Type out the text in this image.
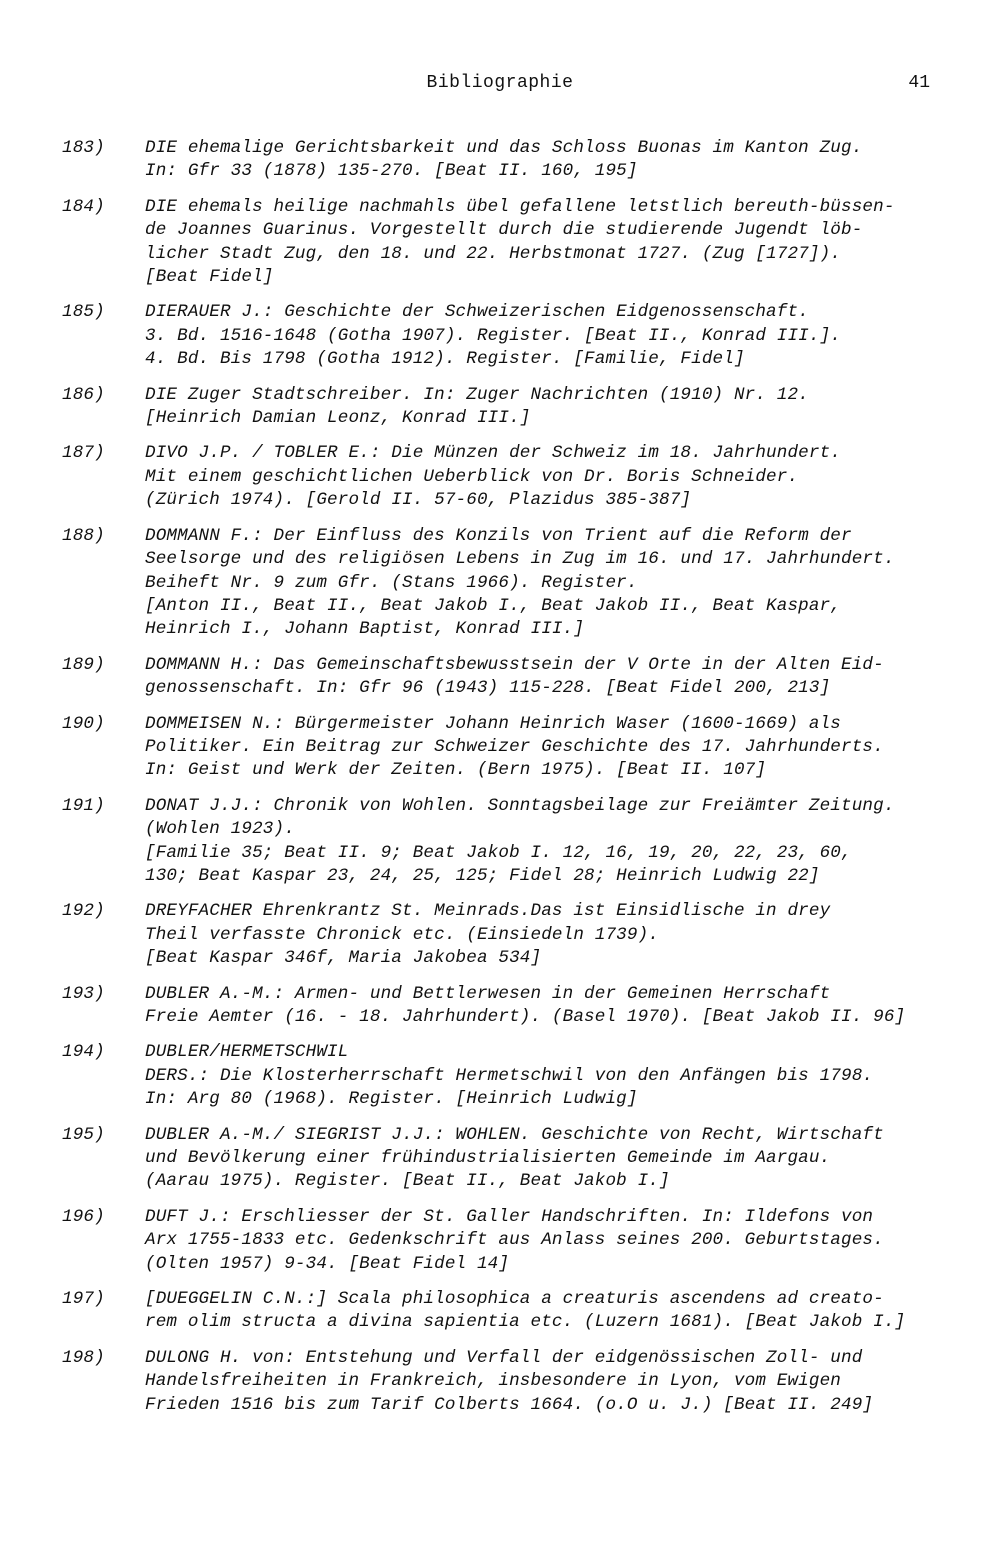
Bibliographie	41
183)	DIE ehemalige Gerichtsbarkeit und das Schloss Buonas im Kanton Zug.
In: Gfr 33 (1878) 135-270. [Beat II. 160, 195]
184)	DIE ehemals heilige nachmahls übel gefallene letstlich bereuth-büssen-
de Joannes Guarinus. Vorgestellt durch die studierende Jugendt löb-
licher Stadt Zug, den 18. und 22. Herbstmonat 1727. (Zug [1727]).
[Beat Fidel]
185)	DIERAUER J.: Geschichte der Schweizerischen Eidgenossenschaft.
3. Bd. 1516-1648 (Gotha 1907). Register. [Beat II., Konrad III.].
4. Bd. Bis 1798 (Gotha 1912). Register. [Familie, Fidel]
186)	DIE Zuger Stadtschreiber. In: Zuger Nachrichten (1910) Nr. 12.
[Heinrich Damian Leonz, Konrad III.]
187)	DIVO J.P. / TOBLER E.: Die Münzen der Schweiz im 18. Jahrhundert.
Mit einem geschichtlichen Ueberblick von Dr. Boris Schneider.
(Zürich 1974). [Gerold II. 57-60, Plazidus 385-387]
188)	DOMMANN F.: Der Einfluss des Konzils von Trient auf die Reform der
Seelsorge und des religiösen Lebens in Zug im 16. und 17. Jahrhundert.
Beiheft Nr. 9 zum Gfr. (Stans 1966). Register.
[Anton II., Beat II., Beat Jakob I., Beat Jakob II., Beat Kaspar,
Heinrich I., Johann Baptist, Konrad III.]
189)	DOMMANN H.: Das Gemeinschaftsbewusstsein der V Orte in der Alten Eid-
genossenschaft. In: Gfr 96 (1943) 115-228. [Beat Fidel 200, 213]
190)	DOMMEISEN N.: Bürgermeister Johann Heinrich Waser (1600-1669) als
Politiker. Ein Beitrag zur Schweizer Geschichte des 17. Jahrhunderts.
In: Geist und Werk der Zeiten. (Bern 1975). [Beat II. 107]
191)	DONAT J.J.: Chronik von Wohlen. Sonntagsbeilage zur Freiämter Zeitung.
(Wohlen 1923).
[Familie 35; Beat II. 9; Beat Jakob I. 12, 16, 19, 20, 22, 23, 60,
130; Beat Kaspar 23, 24, 25, 125; Fidel 28; Heinrich Ludwig 22]
192)	DREYFACHER Ehrenkrantz St. Meinrads.Das ist Einsidlische in drey
Theil verfasste Chronick etc. (Einsiedeln 1739).
[Beat Kaspar 346f, Maria Jakobea 534]
193)	DUBLER A.-M.: Armen- und Bettlerwesen in der Gemeinen Herrschaft
Freie Aemter (16. - 18. Jahrhundert). (Basel 1970). [Beat Jakob II. 96]
194)	DUBLER/HERMETSCHWIL
DERS.: Die Klosterherrschaft Hermetschwil von den Anfängen bis 1798.
In: Arg 80 (1968). Register. [Heinrich Ludwig]
195)	DUBLER A.-M./ SIEGRIST J.J.: WOHLEN. Geschichte von Recht, Wirtschaft
und Bevölkerung einer frühindustrialisierten Gemeinde im Aargau.
(Aarau 1975). Register. [Beat II., Beat Jakob I.]
196)	DUFT J.: Erschliesser der St. Galler Handschriften. In: Ildefons von
Arx 1755-1833 etc. Gedenkschrift aus Anlass seines 200. Geburtstages.
(Olten 1957) 9-34. [Beat Fidel 14]
197)	[DUEGGELIN C.N.:] Scala philosophica a creaturis ascendens ad creato-
rem olim structa a divina sapientia etc. (Luzern 1681). [Beat Jakob I.]
198)	DULONG H. von: Entstehung und Verfall der eidgenössischen Zoll- und
Handelsfreiheiten in Frankreich, insbesondere in Lyon, vom Ewigen
Frieden 1516 bis zum Tarif Colberts 1664. (o.O u. J.) [Beat II. 249]
